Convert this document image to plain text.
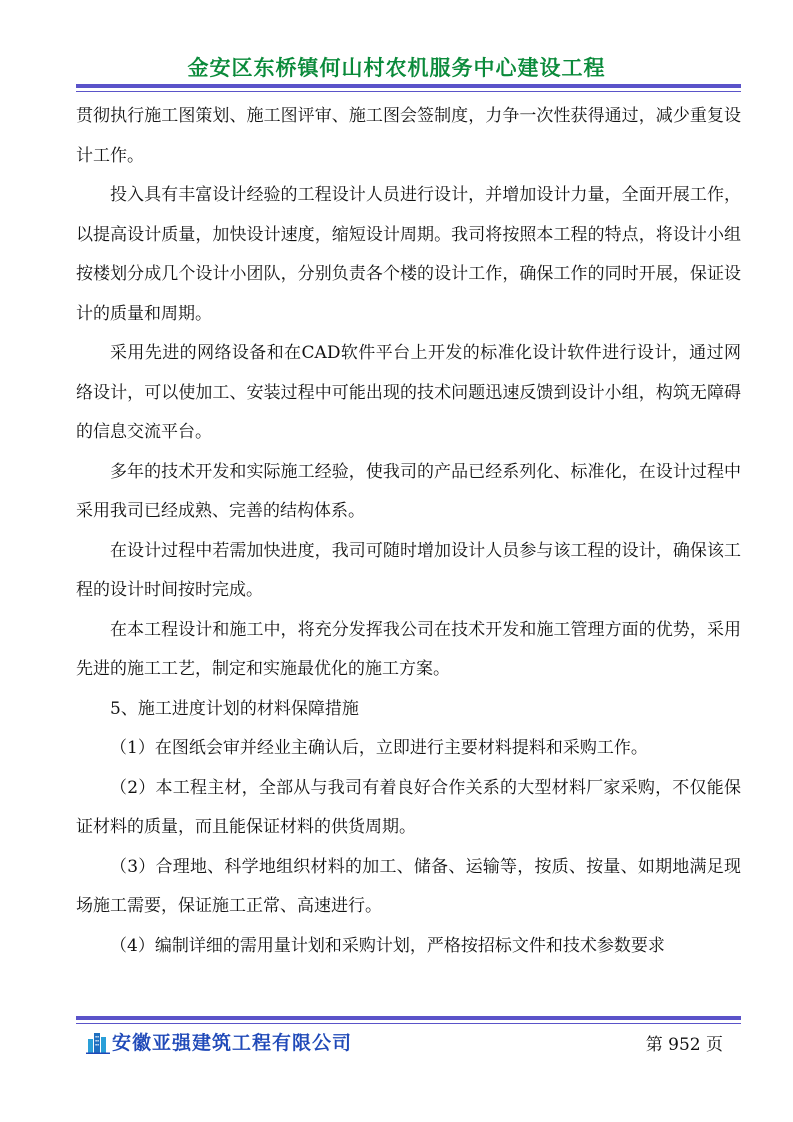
金安区东桥镇何山村农机服务中心建设工程

贯彻执行施工图策划、施工图评审、施工图会签制度，力争一次性获得通过，减少重复设计工作。

投入具有丰富设计经验的工程设计人员进行设计，并增加设计力量，全面开展工作，以提高设计质量，加快设计速度，缩短设计周期。我司将按照本工程的特点，将设计小组按楼划分成几个设计小团队，分别负责各个楼的设计工作，确保工作的同时开展，保证设计的质量和周期。

采用先进的网络设备和在CAD软件平台上开发的标准化设计软件进行设计，通过网络设计，可以使加工、安装过程中可能出现的技术问题迅速反馈到设计小组，构筑无障碍的信息交流平台。

多年的技术开发和实际施工经验，使我司的产品已经系列化、标准化，在设计过程中采用我司已经成熟、完善的结构体系。

在设计过程中若需加快进度，我司可随时增加设计人员参与该工程的设计，确保该工程的设计时间按时完成。

在本工程设计和施工中，将充分发挥我公司在技术开发和施工管理方面的优势，采用先进的施工工艺，制定和实施最优化的施工方案。

5、施工进度计划的材料保障措施

（1）在图纸会审并经业主确认后，立即进行主要材料提料和采购工作。

（2）本工程主材，全部从与我司有着良好合作关系的大型材料厂家采购，不仅能保证材料的质量，而且能保证材料的供货周期。

（3）合理地、科学地组织材料的加工、储备、运输等，按质、按量、如期地满足现场施工需要，保证施工正常、高速进行。

（4）编制详细的需用量计划和采购计划，严格按招标文件和技术参数要求

安徽亚强建筑工程有限公司	第 952 页
